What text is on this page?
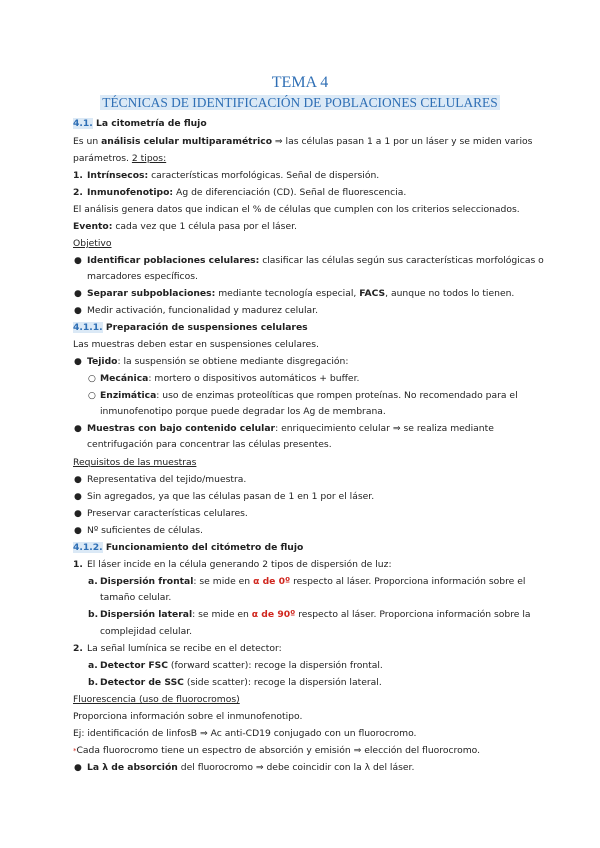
TEMA 4
TÉCNICAS DE IDENTIFICACIÓN DE POBLACIONES CELULARES
4.1. La citometría de flujo
Es un análisis celular multiparamétrico ⇒ las células pasan 1 a 1 por un láser y se miden varios
parámetros. 2 tipos:
1. Intrínsecos: características morfológicas. Señal de dispersión.
2. Inmunofenotipo: Ag de diferenciación (CD). Señal de fluorescencia.
El análisis genera datos que indican el % de células que cumplen con los criterios seleccionados.
Evento: cada vez que 1 célula pasa por el láser.
Objetivo
● Identificar poblaciones celulares: clasificar las células según sus características morfológicas o
marcadores específicos.
● Separar subpoblaciones: mediante tecnología especial, FACS, aunque no todos lo tienen.
● Medir activación, funcionalidad y madurez celular.
4.1.1. Preparación de suspensiones celulares
Las muestras deben estar en suspensiones celulares.
● Tejido: la suspensión se obtiene mediante disgregación:
○ Mecánica: mortero o dispositivos automáticos + buffer.
○ Enzimática: uso de enzimas proteolíticas que rompen proteínas. No recomendado para el
inmunofenotipo porque puede degradar los Ag de membrana.
● Muestras con bajo contenido celular: enriquecimiento celular ⇒ se realiza mediante
centrifugación para concentrar las células presentes.
Requisitos de las muestras
● Representativa del tejido/muestra.
● Sin agregados, ya que las células pasan de 1 en 1 por el láser.
● Preservar características celulares.
● Nº suficientes de células.
4.1.2. Funcionamiento del citómetro de flujo
1. El láser incide en la célula generando 2 tipos de dispersión de luz:
a. Dispersión frontal: se mide en α de 0º respecto al láser. Proporciona información sobre el
tamaño celular.
b. Dispersión lateral: se mide en α de 90º respecto al láser. Proporciona información sobre la
complejidad celular.
2. La señal lumínica se recibe en el detector:
a. Detector FSC (forward scatter): recoge la dispersión frontal.
b. Detector de SSC (side scatter): recoge la dispersión lateral.
Fluorescencia (uso de fluorocromos)
Proporciona información sobre el inmunofenotipo.
Ej: identificación de linfosB ⇒ Ac anti-CD19 conjugado con un fluorocromo.
*Cada fluorocromo tiene un espectro de absorción y emisión ⇒ elección del fluorocromo.
● La λ de absorción del fluorocromo ⇒ debe coincidir con la λ del láser.
